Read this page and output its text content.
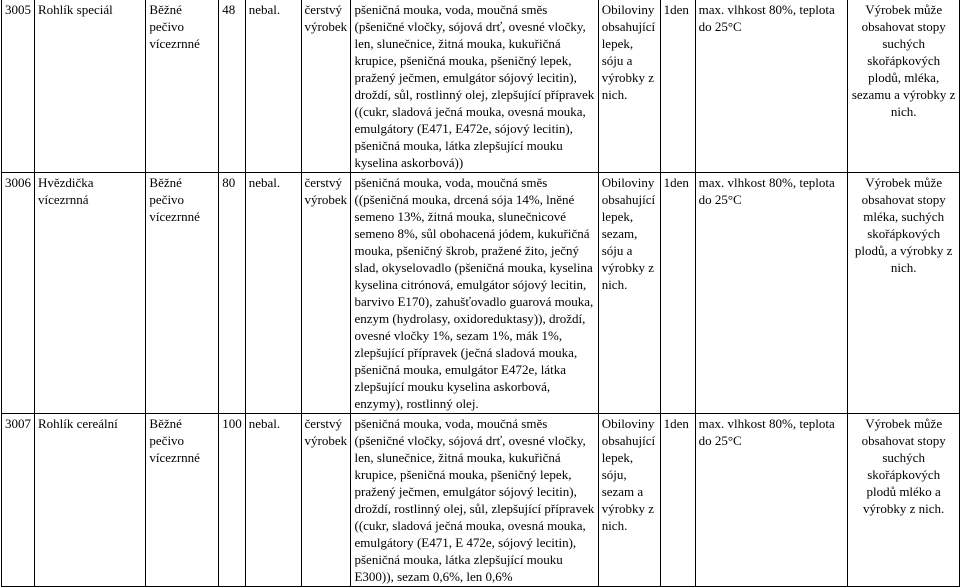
3005	Rohlík speciál	Běžné pečivo vícezrnné	48	nebal.	čerstvý výrobek	pšeničná mouka, voda, moučná směs (pšeničné vločky, sójová drť, ovesné vločky, len, slunečnice, žitná mouka, kukuřičná krupice, pšeničná mouka, pšeničný lepek, pražený ječmen, emulgátor sójový lecitin), droždí, sůl, rostlinný olej, zlepšující přípravek ((cukr, sladová ječná mouka, ovesná mouka, emulgátory (E471, E472e, sójový lecitin), pšeničná mouka, látka zlepšující mouku kyselina askorbová))	Obiloviny obsahující lepek, sóju a výrobky z nich.	1den	max. vlhkost 80%, teplota do 25°C	Výrobek může obsahovat stopy suchých skořápkových plodů, mléka, sezamu a výrobky z nich.
3006	Hvězdička vícezrnná	Běžné pečivo vícezrnné	80	nebal.	čerstvý výrobek	pšeničná mouka, voda, moučná směs ((pšeničná mouka, drcená sója 14%, lněné semeno 13%, žitná mouka, slunečnicové semeno 8%, sůl obohacená jódem, kukuřičná mouka, pšeničný škrob, pražené žito, ječný slad, okyselovadlo (pšeničná mouka, kyselina kyselina citrónová, emulgátor sójový lecitin, barvivo E170), zahušťovadlo guarová mouka, enzym (hydrolasy, oxidoreduktasy)), droždí, ovesné vločky 1%, sezam 1%, mák 1%, zlepšující přípravek (ječná sladová mouka, pšeničná mouka, emulgátor E472e, látka zlepšující mouku kyselina askorbová, enzymy), rostlinný olej.	Obiloviny obsahující lepek, sezam, sóju a výrobky z nich.	1den	max. vlhkost 80%, teplota do 25°C	Výrobek může obsahovat stopy mléka, suchých skořápkových plodů, a výrobky z nich.
3007	Rohlík cereální	Běžné pečivo vícezrnné	100	nebal.	čerstvý výrobek	pšeničná mouka, voda, moučná směs (pšeničné vločky, sójová drť, ovesné vločky, len, slunečnice, žitná mouka, kukuřičná krupice, pšeničná mouka, pšeničný lepek, pražený ječmen, emulgátor sójový lecitin), droždí, rostlinný olej, sůl, zlepšující přípravek ((cukr, sladová ječná mouka, ovesná mouka, emulgátory (E471, E 472e, sójový lecitin), pšeničná mouka, látka zlepšující mouku E300)), sezam 0,6%, len 0,6%	Obiloviny obsahující lepek, sóju, sezam a výrobky z nich.	1den	max. vlhkost 80%, teplota do 25°C	Výrobek může obsahovat stopy suchých skořápkových plodů mléko a výrobky z nich.
